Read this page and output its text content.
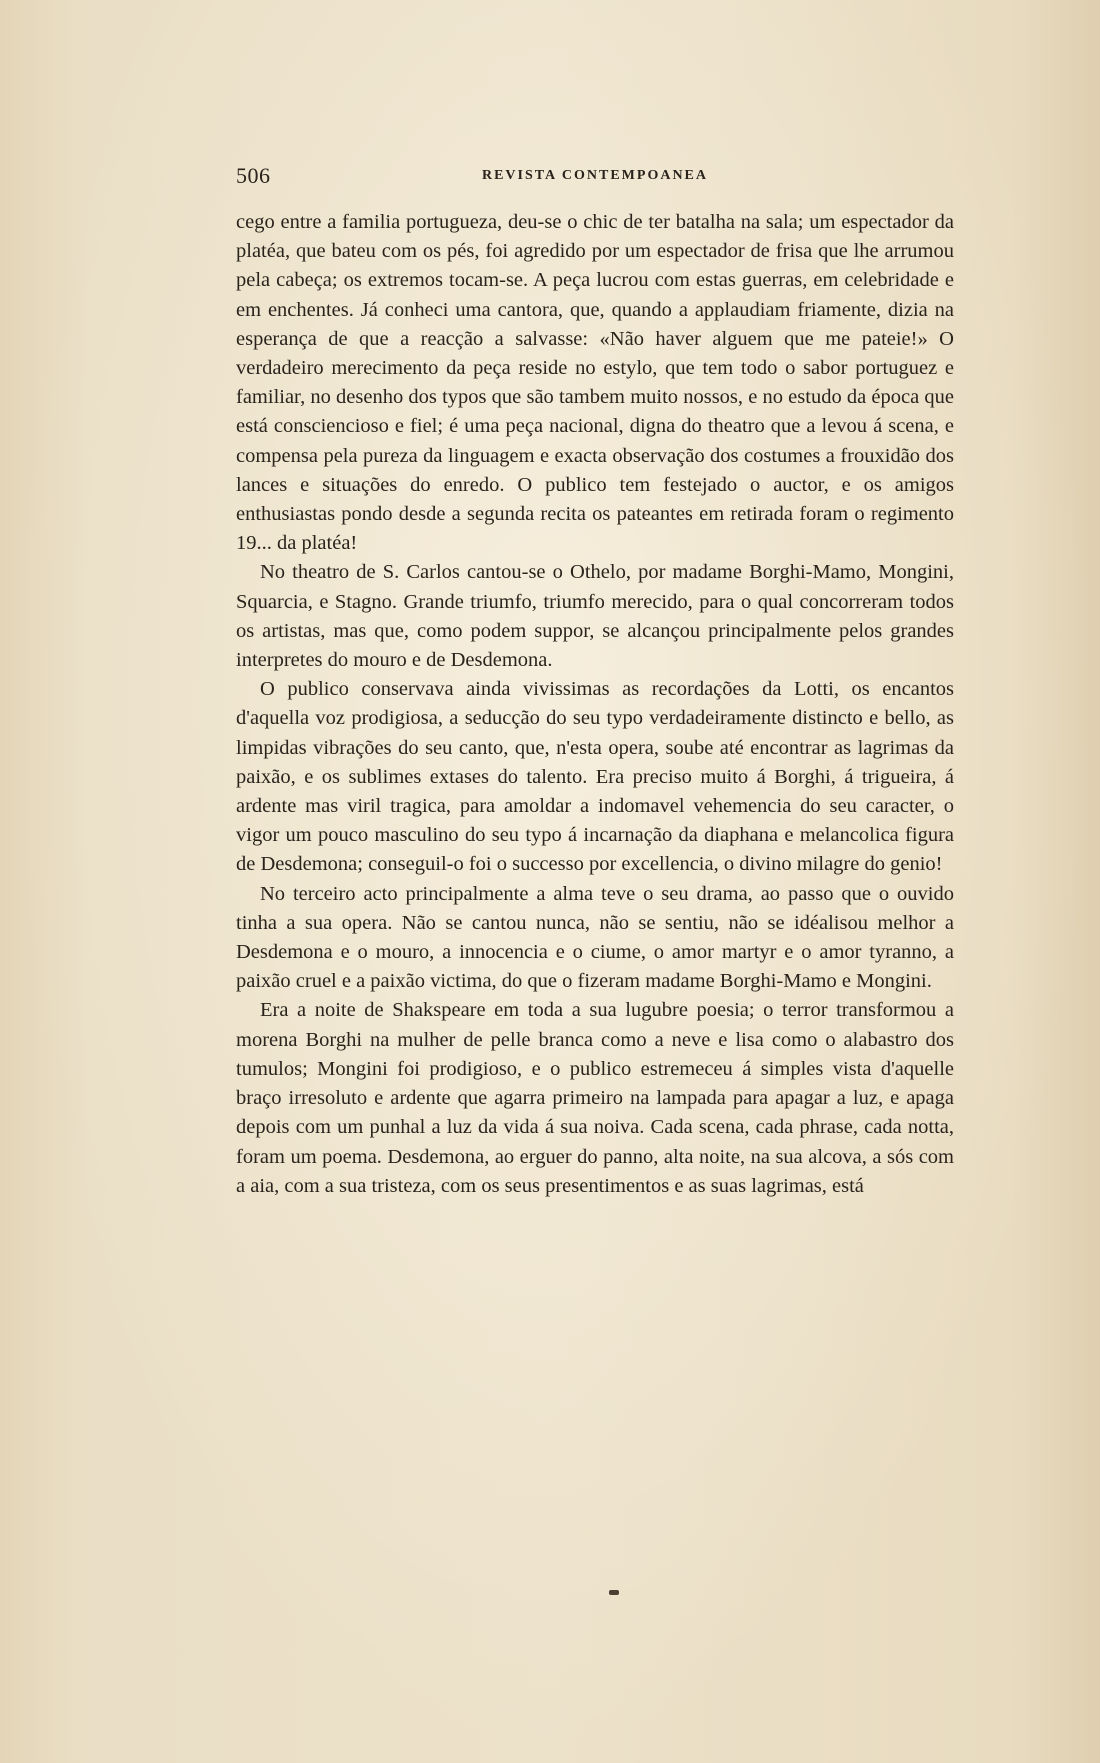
506	REVISTA CONTEMPOANEA

cego entre a familia portugueza, deu-se o chic de ter batalha na sala; um espectador da platéa, que bateu com os pés, foi agredido por um espectador de frisa que lhe arrumou pela cabeça; os extremos tocam-se. A peça lucrou com estas guerras, em celebridade e em enchentes. Já conheci uma cantora, que, quando a applaudiam friamente, dizia na esperança de que a reacção a salvasse: «Não haver alguem que me pateie!» O verdadeiro merecimento da peça reside no estylo, que tem todo o sabor portuguez e familiar, no desenho dos typos que são tambem muito nossos, e no estudo da época que está consciencioso e fiel; é uma peça nacional, digna do theatro que a levou á scena, e compensa pela pureza da linguagem e exacta observação dos costumes a frouxidão dos lances e situações do enredo. O publico tem festejado o auctor, e os amigos enthusiastas pondo desde a segunda recita os pateantes em retirada foram o regimento 19... da platéa!

No theatro de S. Carlos cantou-se o Othelo, por madame Borghi-Mamo, Mongini, Squarcia, e Stagno. Grande triumfo, triumfo merecido, para o qual concorreram todos os artistas, mas que, como podem suppor, se alcançou principalmente pelos grandes interpretes do mouro e de Desdemona.

O publico conservava ainda vivissimas as recordações da Lotti, os encantos d'aquella voz prodigiosa, a seducção do seu typo verdadeiramente distincto e bello, as limpidas vibrações do seu canto, que, n'esta opera, soube até encontrar as lagrimas da paixão, e os sublimes extases do talento. Era preciso muito á Borghi, á trigueira, á ardente mas viril tragica, para amoldar a indomavel vehemencia do seu caracter, o vigor um pouco masculino do seu typo á incarnação da diaphana e melancolica figura de Desdemona; conseguil-o foi o successo por excellencia, o divino milagre do genio!

No terceiro acto principalmente a alma teve o seu drama, ao passo que o ouvido tinha a sua opera. Não se cantou nunca, não se sentiu, não se idéalisou melhor a Desdemona e o mouro, a innocencia e o ciume, o amor martyr e o amor tyranno, a paixão cruel e a paixão victima, do que o fizeram madame Borghi-Mamo e Mongini.

Era a noite de Shakspeare em toda a sua lugubre poesia; o terror transformou a morena Borghi na mulher de pelle branca como a neve e lisa como o alabastro dos tumulos; Mongini foi prodigioso, e o publico estremeceu á simples vista d'aquelle braço irresoluto e ardente que agarra primeiro na lampada para apagar a luz, e apaga depois com um punhal a luz da vida á sua noiva. Cada scena, cada phrase, cada notta, foram um poema. Desdemona, ao erguer do panno, alta noite, na sua alcova, a sós com a aia, com a sua tristeza, com os seus presentimentos e as suas lagrimas, está
